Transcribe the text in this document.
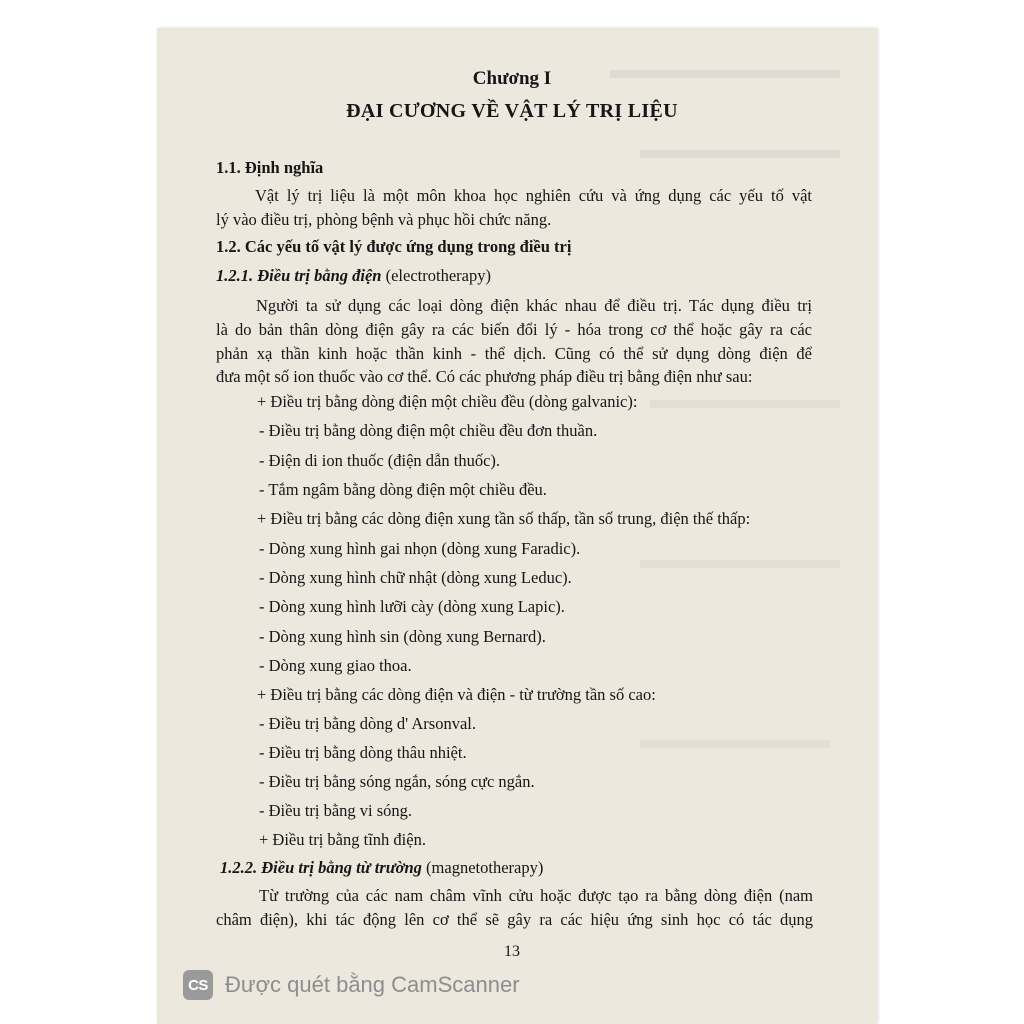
Chương I
ĐẠI CƯƠNG VỀ VẬT LÝ TRỊ LIỆU
1.1. Định nghĩa
Vật lý trị liệu là một môn khoa học nghiên cứu và ứng dụng các yếu tố vật
lý vào điều trị, phòng bệnh và phục hồi chức năng.
1.2. Các yếu tố vật lý được ứng dụng trong điều trị
1.2.1. Điều trị bằng điện (electrotherapy)
Người ta sử dụng các loại dòng điện khác nhau để điều trị. Tác dụng điều trị
là do bản thân dòng điện gây ra các biến đổi lý - hóa trong cơ thể hoặc gây ra các
phản xạ thần kinh hoặc thần kinh - thể dịch. Cũng có thể sử dụng dòng điện để
đưa một số ion thuốc vào cơ thể. Có các phương pháp điều trị bằng điện như sau:
+ Điều trị bằng dòng điện một chiều đều (dòng galvanic):
- Điều trị bằng dòng điện một chiều đều đơn thuần.
- Điện di ion thuốc (điện dẫn thuốc).
- Tắm ngâm bằng dòng điện một chiều đều.
+ Điều trị bằng các dòng điện xung tần số thấp, tần số trung, điện thế thấp:
- Dòng xung hình gai nhọn (dòng xung Faradic).
- Dòng xung hình chữ nhật (dòng xung Leduc).
- Dòng xung hình lưỡi cày (dòng xung Lapic).
- Dòng xung hình sin (dòng xung Bernard).
- Dòng xung giao thoa.
+ Điều trị bằng các dòng điện và điện - từ trường tần số cao:
- Điều trị bằng dòng d' Arsonval.
- Điều trị bằng dòng thâu nhiệt.
- Điều trị bằng sóng ngắn, sóng cực ngắn.
- Điều trị bằng vi sóng.
+ Điều trị bằng tĩnh điện.
1.2.2. Điều trị bằng từ trường (magnetotherapy)
Từ trường của các nam châm vĩnh cửu hoặc được tạo ra bằng dòng điện (nam
châm điện), khi tác động lên cơ thể sẽ gây ra các hiệu ứng sinh học có tác dụng
13
CS Được quét bằng CamScanner
